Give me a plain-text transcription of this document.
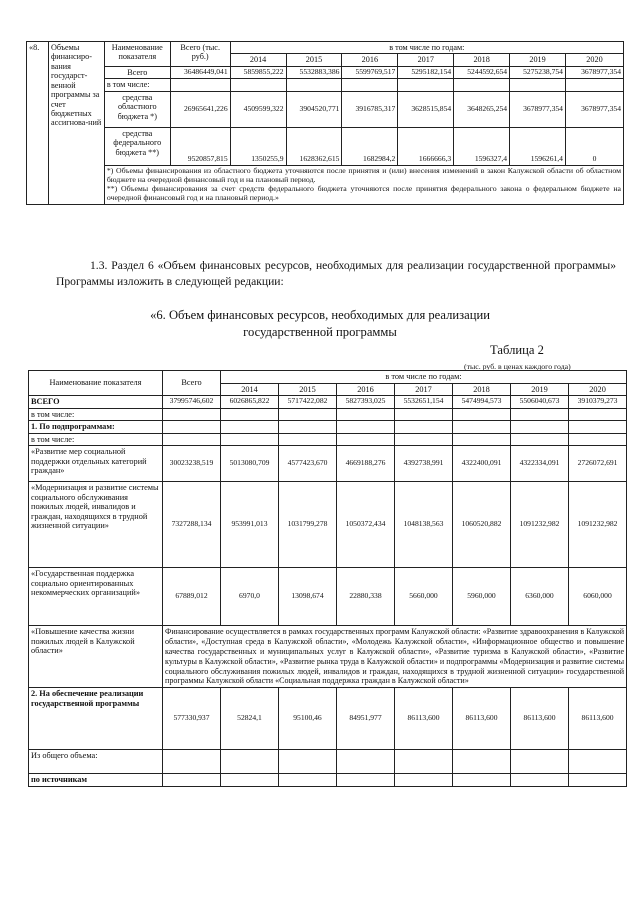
«8.	Объемы финансиро-вания государст-венной программы за счет бюджетных ассигнова-ний	Наименование показателя	Всего (тыс. руб.)	в том числе по годам:						
				2014	2015	2016	2017	2018	2019	2020
		Всего	36486449,041	5859855,222	5532883,386	5599769,517	5295182,154	5244592,654	5275238,754	3678977,354
		в том числе:								
		средства областного бюджета *)	26965641,226	4509599,322	3904520,771	3916785,317	3628515,854	3648265,254	3678977,354	3678977,354
		средства федерального бюджета **)	9520857,815	1350255,9	1628362,615	1682984,2	1666666,3	1596327,4	1596261,4	0

		*) Объемы финансирования из областного бюджета уточняются после принятия и (или) внесения изменений в закон Калужской области об областном бюджете на очередной финансовый год и на плановый период.
**) Объемы финансирования за счет средств федерального бюджета уточняются после принятия федерального закона о федеральном бюджете на очередной финансовый год и на плановый период.»								
1.3. Раздел 6 «Объем финансовых ресурсов, необходимых для реализации государственной программы» Программы изложить в следующей редакции:
«6. Объем финансовых ресурсов, необходимых для реализации
государственной программы
Таблица 2
(тыс. руб. в ценах каждого года)
Наименование показателя	Всего	в том числе по годам:						
		2014	2015	2016	2017	2018	2019	2020
ВСЕГО	37995746,602	6026865,822	5717422,082	5827393,025	5532651,154	5474994,573	5506040,673	3910379,273
в том числе:								
1. По подпрограммам:								
в том числе:								
«Развитие мер социальной поддержки отдельных категорий граждан»	30023238,519	5013080,709	4577423,670	4669188,276	4392738,991	4322400,091	4322334,091	2726072,691
«Модернизация и развитие системы социального обслуживания пожилых людей, инвалидов и граждан, находящихся в трудной жизненной ситуации»	7327288,134	953991,013	1031799,278	1050372,434	1048138,563	1060520,882	1091232,982	1091232,982
«Государственная поддержка социально ориентированных некоммерческих организаций»	67889,012	6970,0	13098,674	22880,338	5660,000	5960,000	6360,000	6060,000
«Повышение качества жизни пожилых людей в Калужской области»	Финансирование осуществляется в рамках государственных программ Калужской области: «Развитие здравоохранения в Калужской области», «Доступная среда в Калужской области», «Молодежь Калужской области», «Информационное общество и повышение качества государственных и муниципальных услуг в Калужской области», «Развитие туризма в Калужской области», «Развитие культуры в Калужской области», «Развитие рынка труда в Калужской области» и подпрограммы «Модернизация и развитие системы социального обслуживания пожилых людей, инвалидов и граждан, находящихся в трудной жизненной ситуации» государственной программы Калужской области «Социальная поддержка граждан в Калужской области»							
2. На обеспечение реализации государственной программы	577330,937	52824,1	95100,46	84951,977	86113,600	86113,600	86113,600	86113,600
Из общего объема:								
по источникам								
